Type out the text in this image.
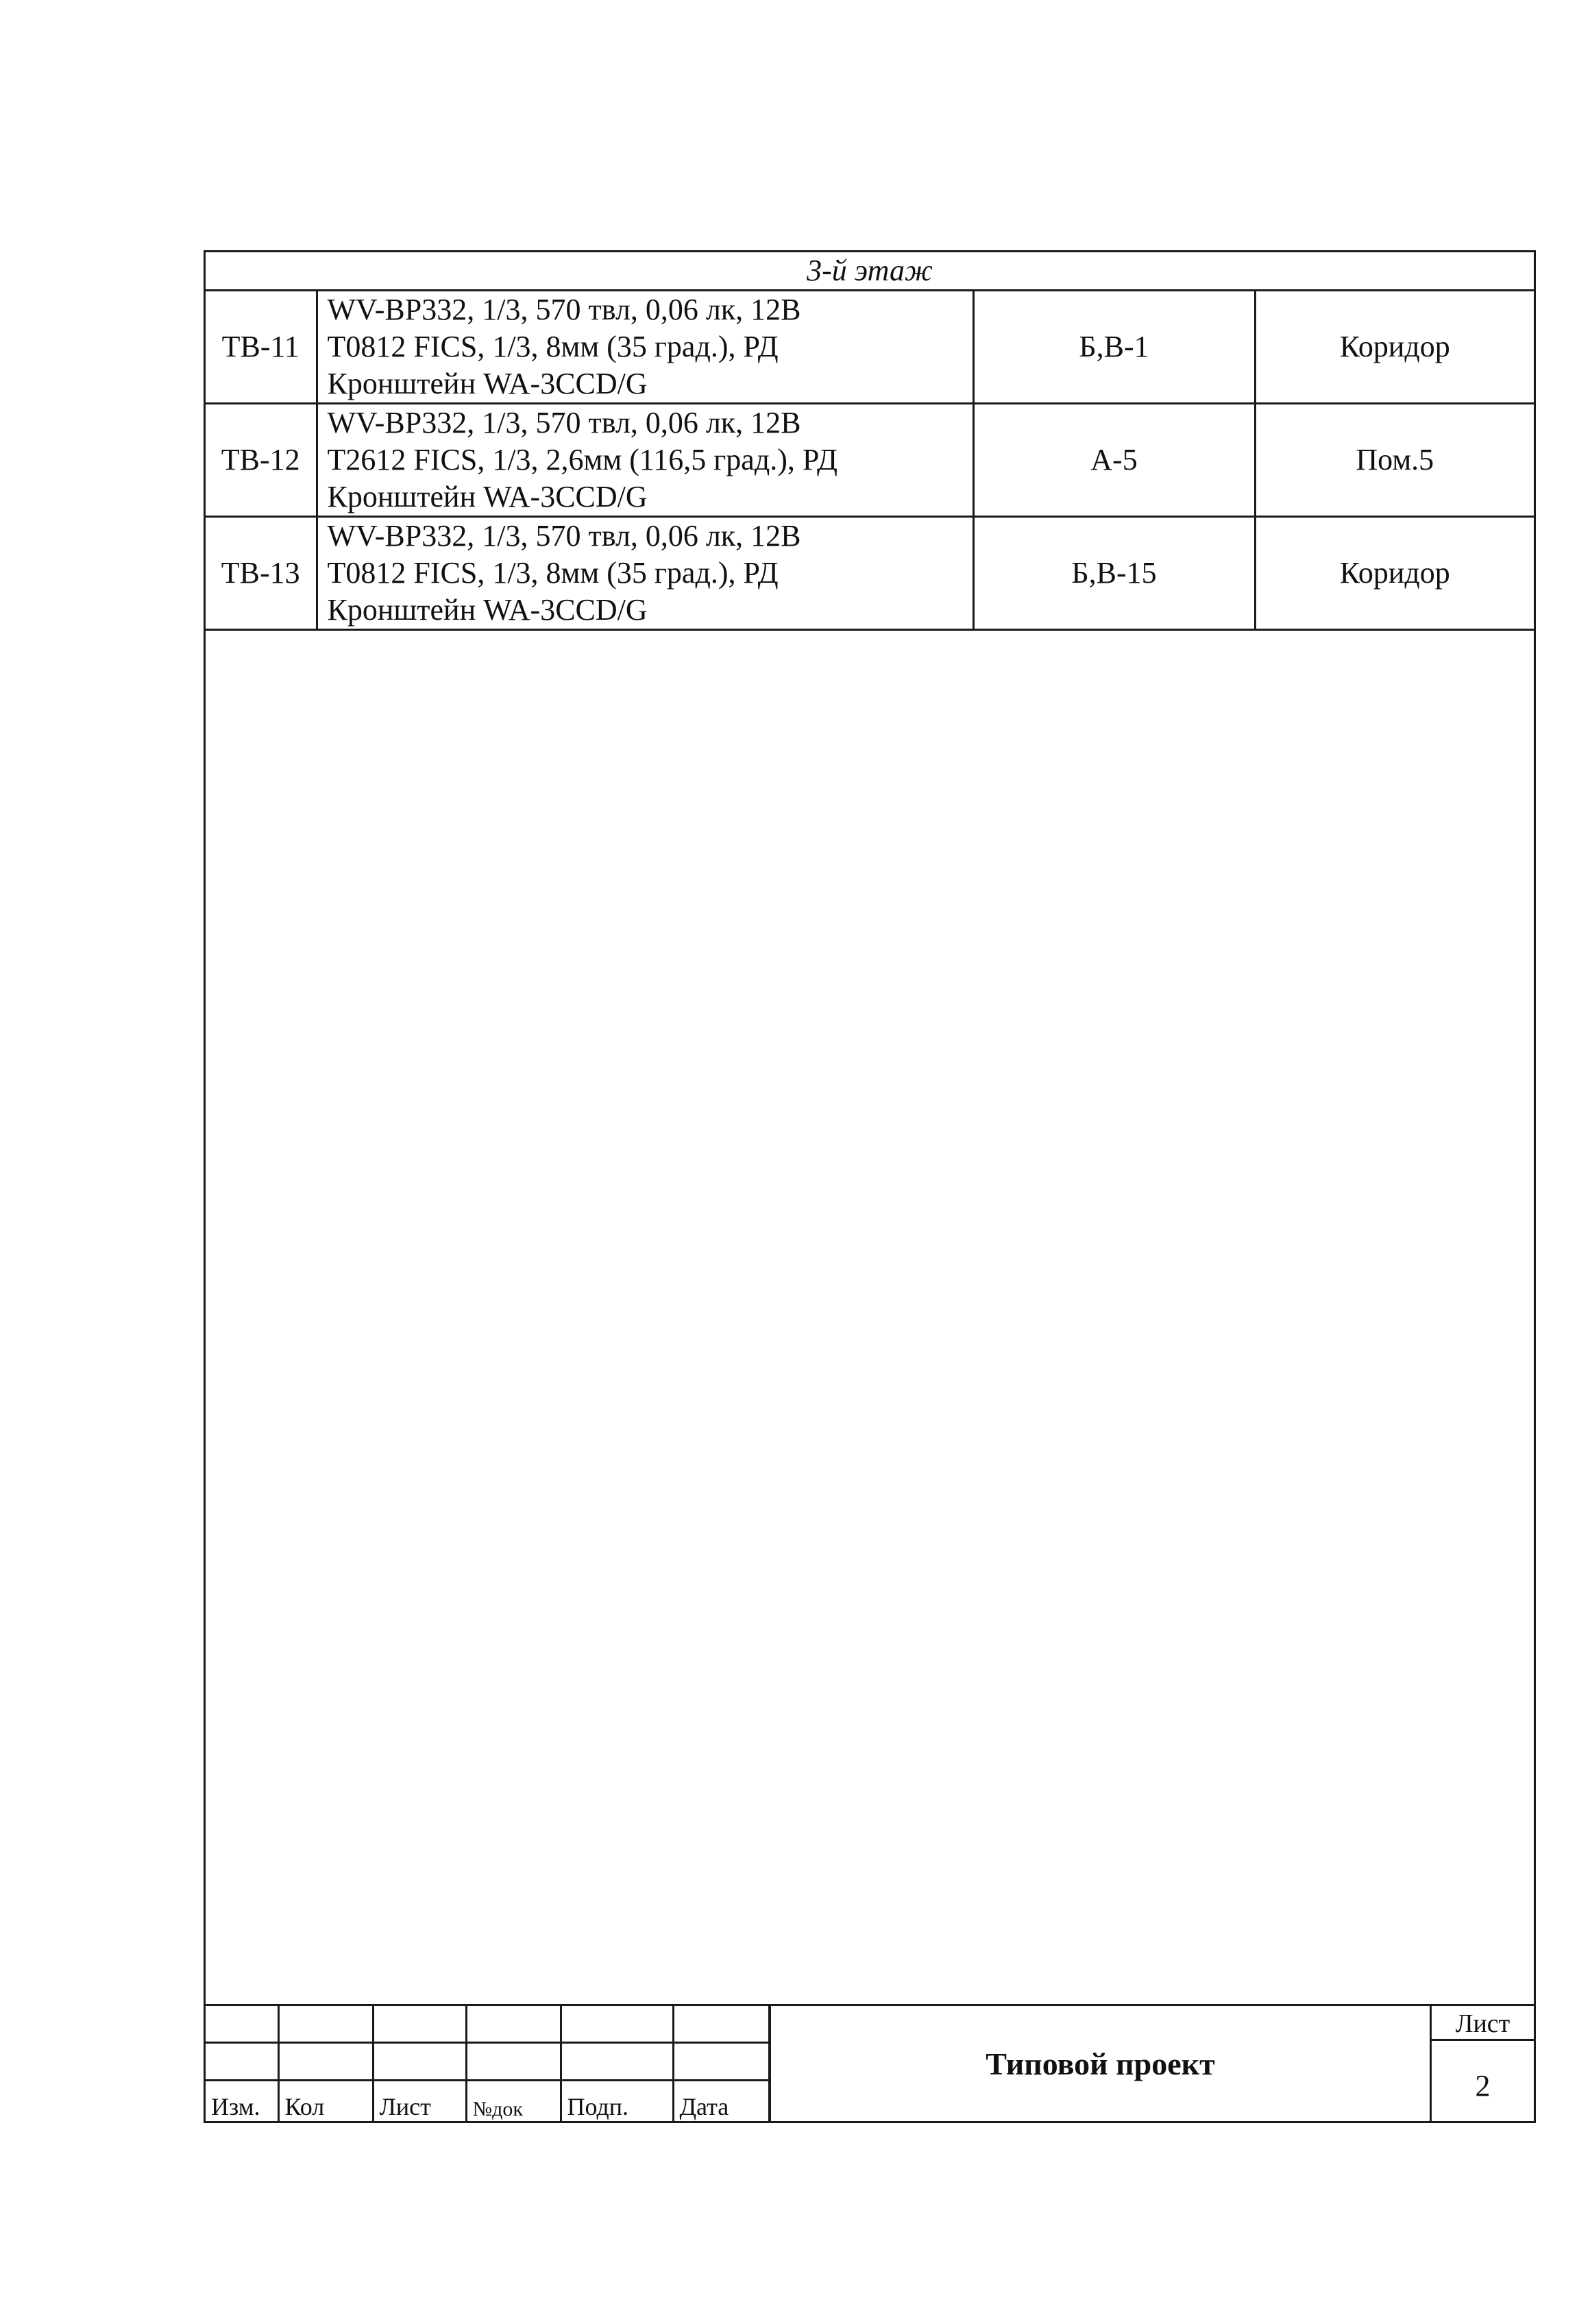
3-й этаж			
ТВ-11	WV-BP332, 1/3, 570 твл, 0,06 лк, 12В
T0812 FICS, 1/3, 8мм (35 град.), РД
Кронштейн WA-3CCD/G	Б,В-1	Коридор
ТВ-12	WV-BP332, 1/3, 570 твл, 0,06 лк, 12В
T2612 FICS, 1/3, 2,6мм (116,5 град.), РД
Кронштейн WA-3CCD/G	А-5	Пом.5
ТВ-13	WV-BP332, 1/3, 570 твл, 0,06 лк, 12В
T0812 FICS, 1/3, 8мм (35 град.), РД
Кронштейн WA-3CCD/G	Б,В-15	Коридор

Изм.	Кол	Лист	№док	Подп.	Дата
Типовой проект
Лист
2
